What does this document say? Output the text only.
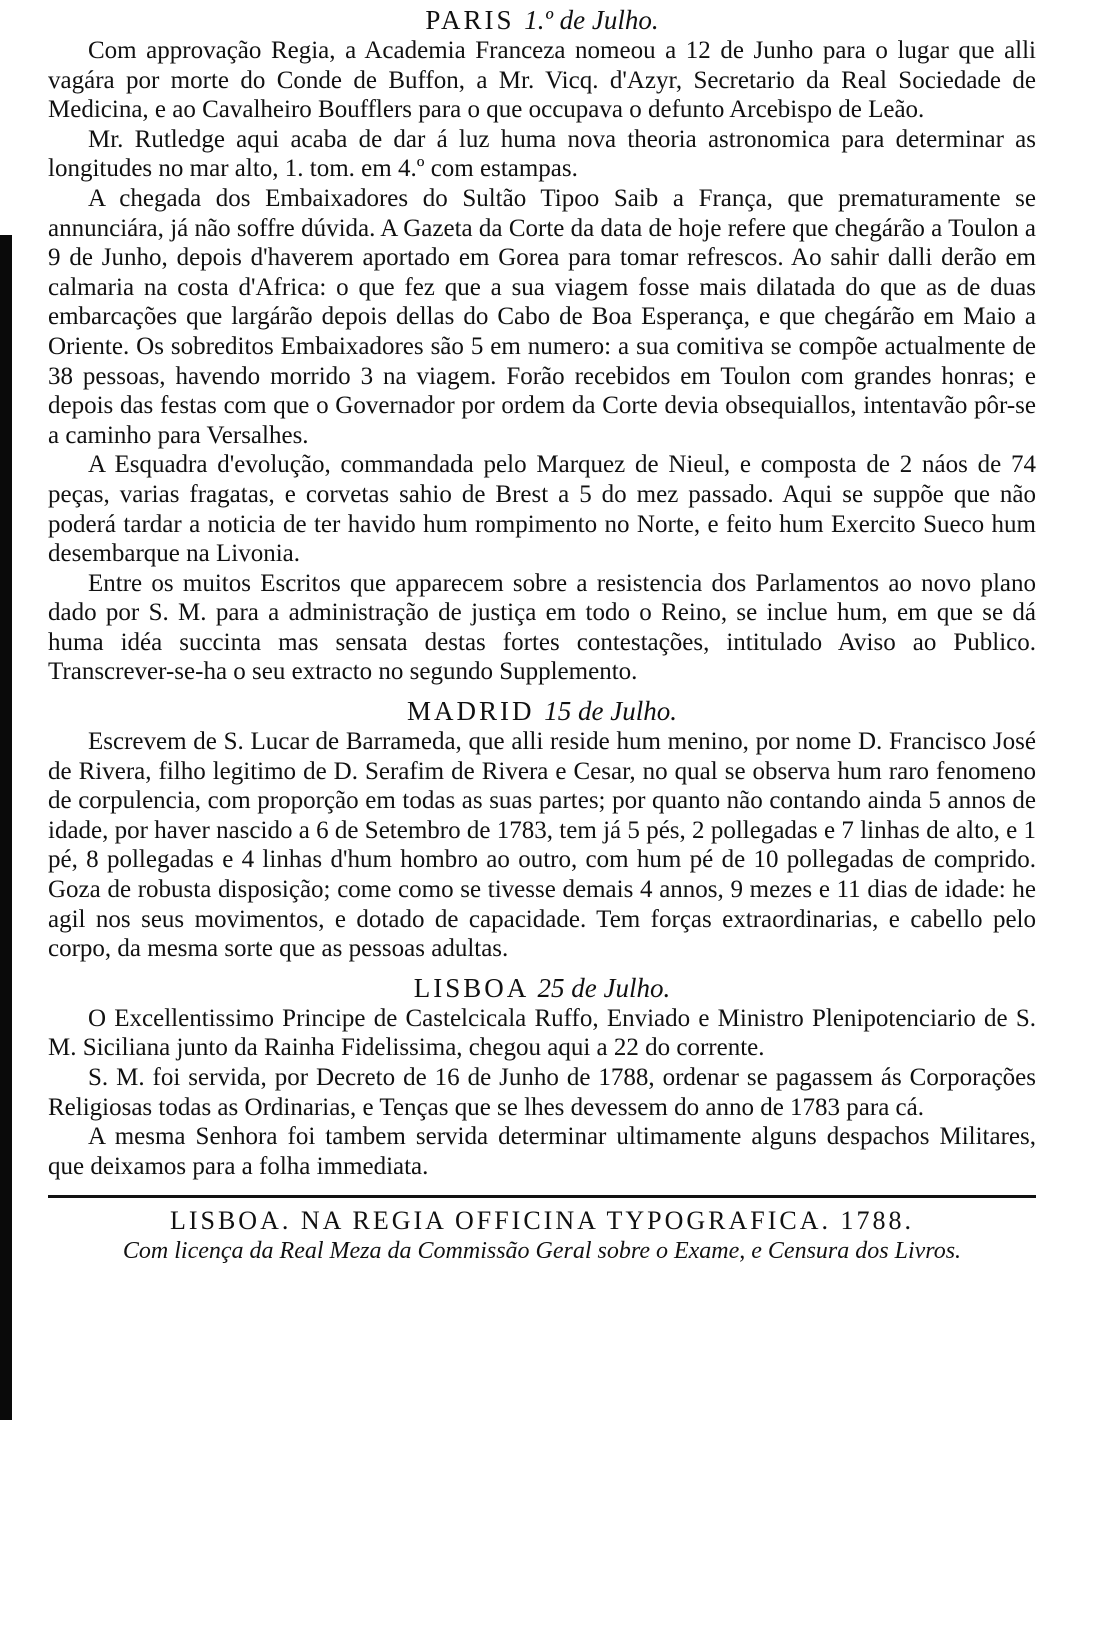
PARIS 1.º de Julho.

Com approvação Regia, a Academia Franceza nomeou a 12 de Junho para o lugar que alli vagára por morte do Conde de Buffon, a Mr. Vicq. d'Azyr, Secretario da Real Sociedade de Medicina, e ao Cavalheiro Boufflers para o que occupava o defunto Arcebispo de Leão.

Mr. Rutledge aqui acaba de dar á luz huma nova theoria astronomica para determinar as longitudes no mar alto, 1. tom. em 4.º com estampas.

A chegada dos Embaixadores do Sultão Tipoo Saib a França, que prematuramente se annunciára, já não soffre dúvida. A Gazeta da Corte da data de hoje refere que chegárão a Toulon a 9 de Junho, depois d'haverem aportado em Gorea para tomar refrescos. Ao sahir dalli derão em calmaria na costa d'Africa: o que fez que a sua viagem fosse mais dilatada do que as de duas embarcações que largárão depois dellas do Cabo de Boa Esperança, e que chegárão em Maio a Oriente. Os sobreditos Embaixadores são 5 em numero: a sua comitiva se compõe actualmente de 38 pessoas, havendo morrido 3 na viagem. Forão recebidos em Toulon com grandes honras; e depois das festas com que o Governador por ordem da Corte devia obsequiallos, intentavão pôr-se a caminho para Versalhes.

A Esquadra d'evolução, commandada pelo Marquez de Nieul, e composta de 2 náos de 74 peças, varias fragatas, e corvetas sahio de Brest a 5 do mez passado. Aqui se suppõe que não poderá tardar a noticia de ter havido hum rompimento no Norte, e feito hum Exercito Sueco hum desembarque na Livonia.

Entre os muitos Escritos que apparecem sobre a resistencia dos Parlamentos ao novo plano dado por S. M. para a administração de justiça em todo o Reino, se inclue hum, em que se dá huma idéa succinta mas sensata destas fortes contestações, intitulado Aviso ao Publico. Transcrever-se-ha o seu extracto no segundo Supplemento.

MADRID 15 de Julho.

Escrevem de S. Lucar de Barrameda, que alli reside hum menino, por nome D. Francisco José de Rivera, filho legitimo de D. Serafim de Rivera e Cesar, no qual se observa hum raro fenomeno de corpulencia, com proporção em todas as suas partes; por quanto não contando ainda 5 annos de idade, por haver nascido a 6 de Setembro de 1783, tem já 5 pés, 2 pollegadas e 7 linhas de alto, e 1 pé, 8 pollegadas e 4 linhas d'hum hombro ao outro, com hum pé de 10 pollegadas de comprido. Goza de robusta disposição; come como se tivesse demais 4 annos, 9 mezes e 11 dias de idade: he agil nos seus movimentos, e dotado de capacidade. Tem forças extraordinarias, e cabello pelo corpo, da mesma sorte que as pessoas adultas.

LISBOA 25 de Julho.

O Excellentissimo Principe de Castelcicala Ruffo, Enviado e Ministro Plenipotenciario de S. M. Siciliana junto da Rainha Fidelissima, chegou aqui a 22 do corrente.

S. M. foi servida, por Decreto de 16 de Junho de 1788, ordenar se pagassem ás Corporações Religiosas todas as Ordinarias, e Tenças que se lhes devessem do anno de 1783 para cá.

A mesma Senhora foi tambem servida determinar ultimamente alguns despachos Militares, que deixamos para a folha immediata.

LISBOA. NA REGIA OFFICINA TYPOGRAFICA. 1788.

Com licença da Real Meza da Commissão Geral sobre o Exame, e Censura dos Livros.
